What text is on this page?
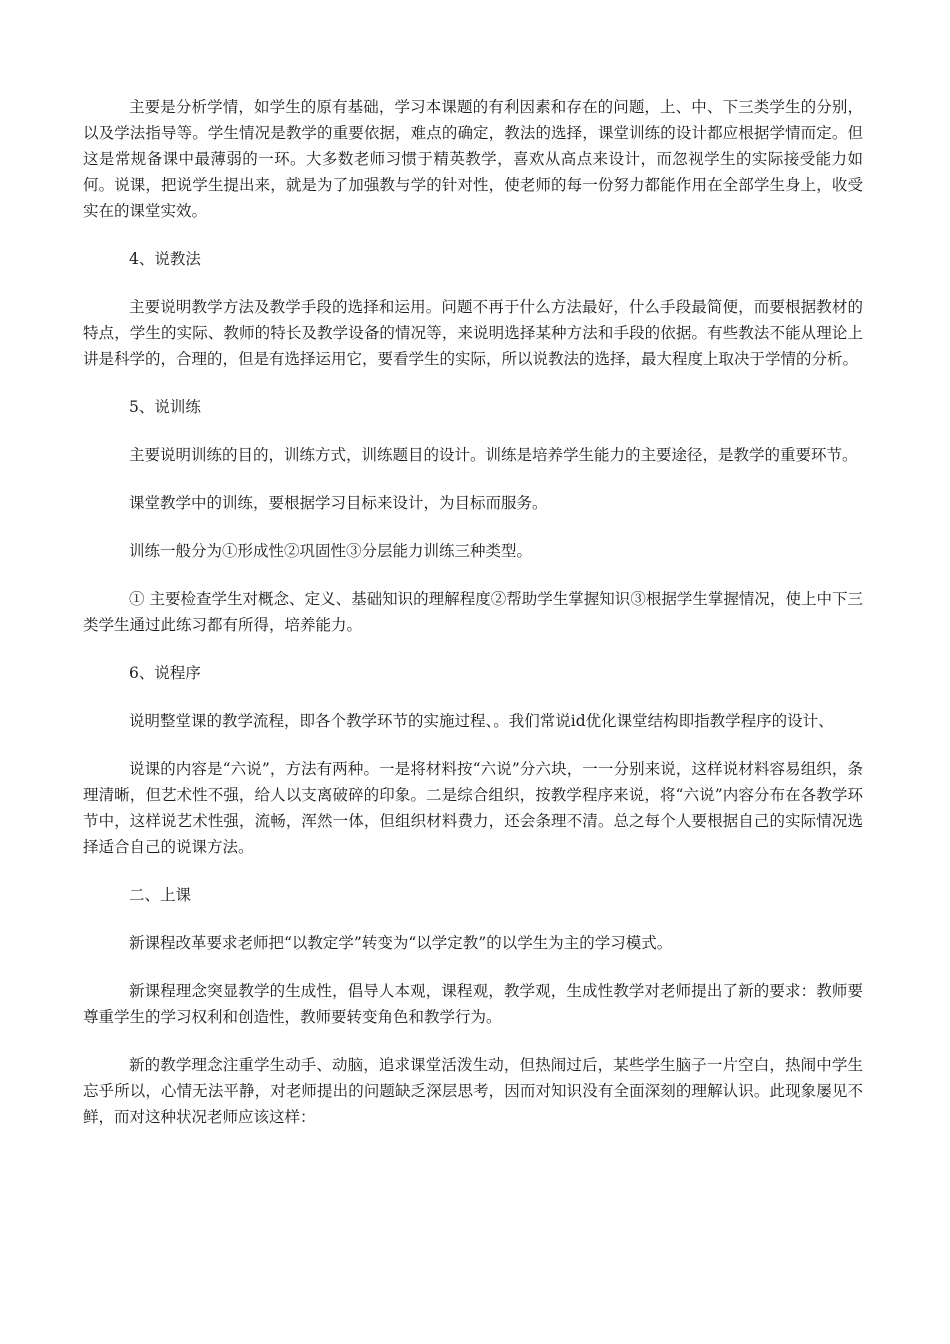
主要是分析学情，如学生的原有基础，学习本课题的有利因素和存在的问题，上、中、下三类学生的分别，以及学法指导等。学生情况是教学的重要依据，难点的确定，教法的选择，课堂训练的设计都应根据学情而定。但这是常规备课中最薄弱的一环。大多数老师习惯于精英教学，喜欢从高点来设计，而忽视学生的实际接受能力如何。说课，把说学生提出来，就是为了加强教与学的针对性，使老师的每一份努力都能作用在全部学生身上，收受实在的课堂实效。

4、说教法

主要说明教学方法及教学手段的选择和运用。问题不再于什么方法最好，什么手段最简便，而要根据教材的特点，学生的实际、教师的特长及教学设备的情况等，来说明选择某种方法和手段的依据。有些教法不能从理论上讲是科学的，合理的，但是有选择运用它，要看学生的实际，所以说教法的选择，最大程度上取决于学情的分析。

5、说训练

主要说明训练的目的，训练方式，训练题目的设计。训练是培养学生能力的主要途径，是教学的重要环节。

课堂教学中的训练，要根据学习目标来设计，为目标而服务。

训练一般分为①形成性②巩固性③分层能力训练三种类型。

① 主要检查学生对概念、定义、基础知识的理解程度②帮助学生掌握知识③根据学生掌握情况，使上中下三类学生通过此练习都有所得，培养能力。

6、说程序

说明整堂课的教学流程，即各个教学环节的实施过程、。我们常说id优化课堂结构即指教学程序的设计、

说课的内容是“六说”，方法有两种。一是将材料按“六说”分六块，一一分别来说，这样说材料容易组织，条理清晰，但艺术性不强，给人以支离破碎的印象。二是综合组织，按教学程序来说，将“六说”内容分布在各教学环节中，这样说艺术性强，流畅，浑然一体，但组织材料费力，还会条理不清。总之每个人要根据自己的实际情况选择适合自己的说课方法。

二、上课

新课程改革要求老师把“以教定学”转变为“以学定教”的以学生为主的学习模式。

新课程理念突显教学的生成性，倡导人本观，课程观，教学观，生成性教学对老师提出了新的要求：教师要尊重学生的学习权利和创造性，教师要转变角色和教学行为。

新的教学理念注重学生动手、动脑，追求课堂活泼生动，但热闹过后，某些学生脑子一片空白，热闹中学生忘乎所以，心情无法平静，对老师提出的问题缺乏深层思考，因而对知识没有全面深刻的理解认识。此现象屡见不鲜，而对这种状况老师应该这样：
